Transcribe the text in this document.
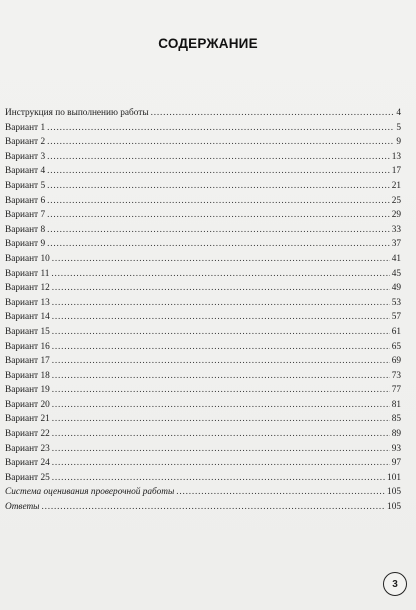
СОДЕРЖАНИЕ
Инструкция по выполнению работы .....	4
Вариант 1 .....	5
Вариант 2 .....	9
Вариант 3 .....	13
Вариант 4 .....	17
Вариант 5 .....	21
Вариант 6 .....	25
Вариант 7 .....	29
Вариант 8 .....	33
Вариант 9 .....	37
Вариант 10 .....	41
Вариант 11 .....	45
Вариант 12 .....	49
Вариант 13 .....	53
Вариант 14 .....	57
Вариант 15 .....	61
Вариант 16 .....	65
Вариант 17 .....	69
Вариант 18 .....	73
Вариант 19 .....	77
Вариант 20 .....	81
Вариант 21 .....	85
Вариант 22 .....	89
Вариант 23 .....	93
Вариант 24 .....	97
Вариант 25 .....	101
Система оценивания проверочной работы .....	105
Ответы .....	105
3
